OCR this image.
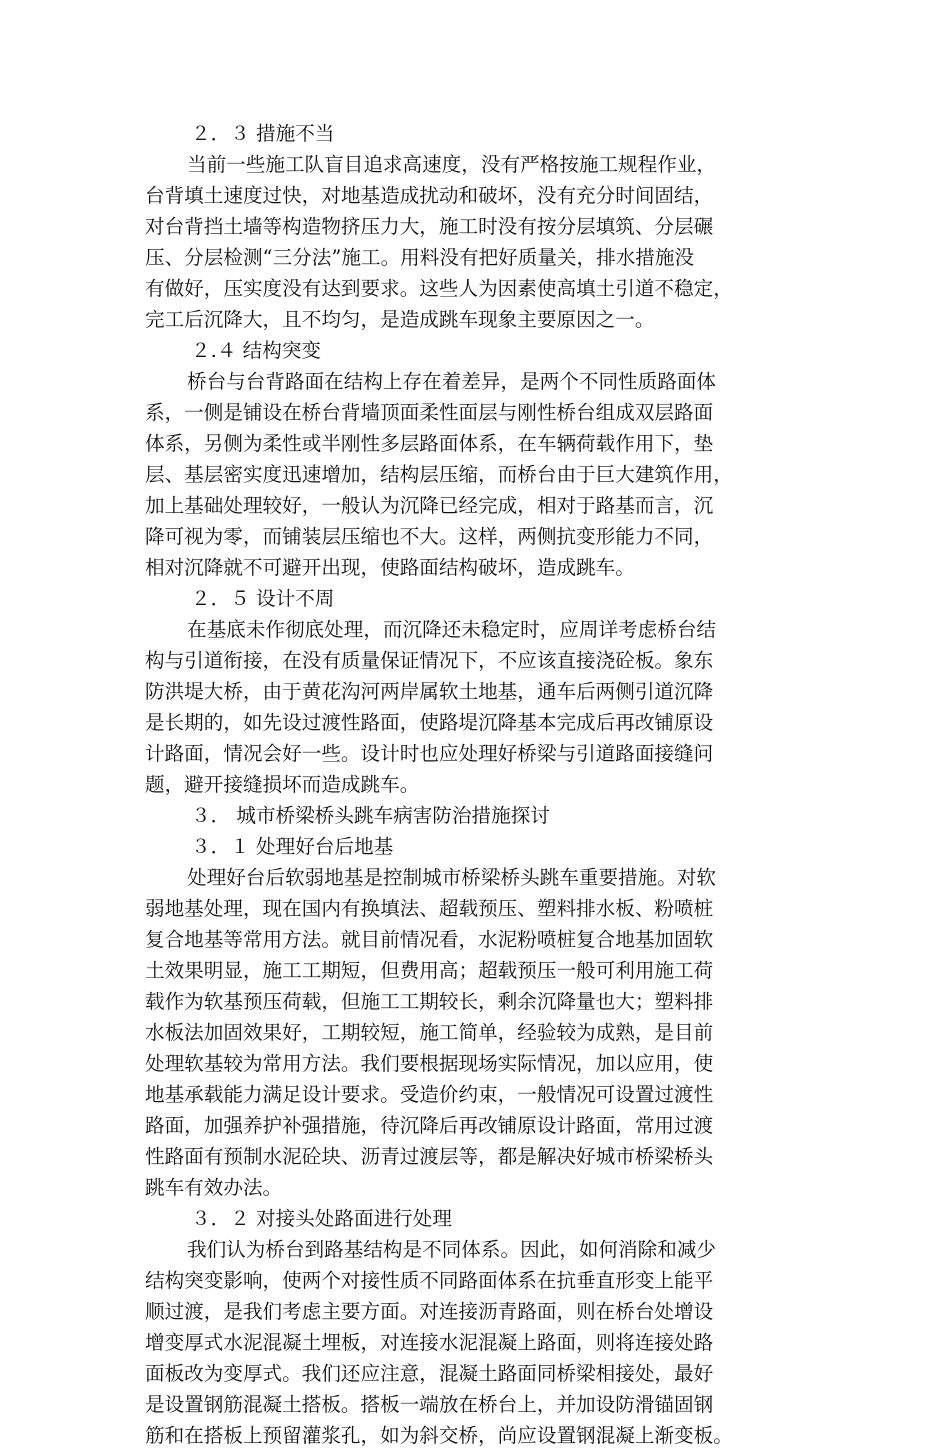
２．３ 措施不当
当前一些施工队盲目追求高速度，没有严格按施工规程作业，
台背填土速度过快，对地基造成扰动和破坏，没有充分时间固结，
对台背挡土墙等构造物挤压力大，施工时没有按分层填筑、分层碾
压、分层检测“三分法”施工。用料没有把好质量关，排水措施没
有做好，压实度没有达到要求。这些人为因素使高填土引道不稳定，
完工后沉降大，且不均匀，是造成跳车现象主要原因之一。
２.４ 结构突变
桥台与台背路面在结构上存在着差异，是两个不同性质路面体
系，一侧是铺设在桥台背墙顶面柔性面层与刚性桥台组成双层路面
体系，另侧为柔性或半刚性多层路面体系，在车辆荷载作用下，垫
层、基层密实度迅速增加，结构层压缩，而桥台由于巨大建筑作用，
加上基础处理较好，一般认为沉降已经完成，相对于路基而言，沉
降可视为零，而铺装层压缩也不大。这样，两侧抗变形能力不同，
相对沉降就不可避开出现，使路面结构破坏，造成跳车。
２．５ 设计不周
在基底未作彻底处理，而沉降还未稳定时，应周详考虑桥台结
构与引道衔接，在没有质量保证情况下，不应该直接浇砼板。象东
防洪堤大桥，由于黄花沟河两岸属软土地基，通车后两侧引道沉降
是长期的，如先设过渡性路面，使路堤沉降基本完成后再改铺原设
计路面，情况会好一些。设计时也应处理好桥梁与引道路面接缝问
题，避开接缝损坏而造成跳车。
３． 城市桥梁桥头跳车病害防治措施探讨
３．１ 处理好台后地基
处理好台后软弱地基是控制城市桥梁桥头跳车重要措施。对软
弱地基处理，现在国内有换填法、超载预压、塑料排水板、粉喷桩
复合地基等常用方法。就目前情况看，水泥粉喷桩复合地基加固软
土效果明显，施工工期短，但费用高；超载预压一般可利用施工荷
载作为软基预压荷载，但施工工期较长，剩余沉降量也大；塑料排
水板法加固效果好，工期较短，施工简单，经验较为成熟，是目前
处理软基较为常用方法。我们要根据现场实际情况，加以应用，使
地基承载能力满足设计要求。受造价约束，一般情况可设置过渡性
路面，加强养护补强措施，待沉降后再改铺原设计路面，常用过渡
性路面有预制水泥砼块、沥青过渡层等，都是解决好城市桥梁桥头
跳车有效办法。
３．２ 对接头处路面进行处理
我们认为桥台到路基结构是不同体系。因此，如何消除和减少
结构突变影响，使两个对接性质不同路面体系在抗垂直形变上能平
顺过渡，是我们考虑主要方面。对连接沥青路面，则在桥台处增设
增变厚式水泥混凝土埋板，对连接水泥混凝上路面，则将连接处路
面板改为变厚式。我们还应注意，混凝土路面同桥梁相接处，最好
是设置钢筋混凝土搭板。搭板一端放在桥台上，并加设防滑锚固钢
筋和在搭板上预留灌浆孔，如为斜交桥，尚应设置钢混凝上渐变板。
